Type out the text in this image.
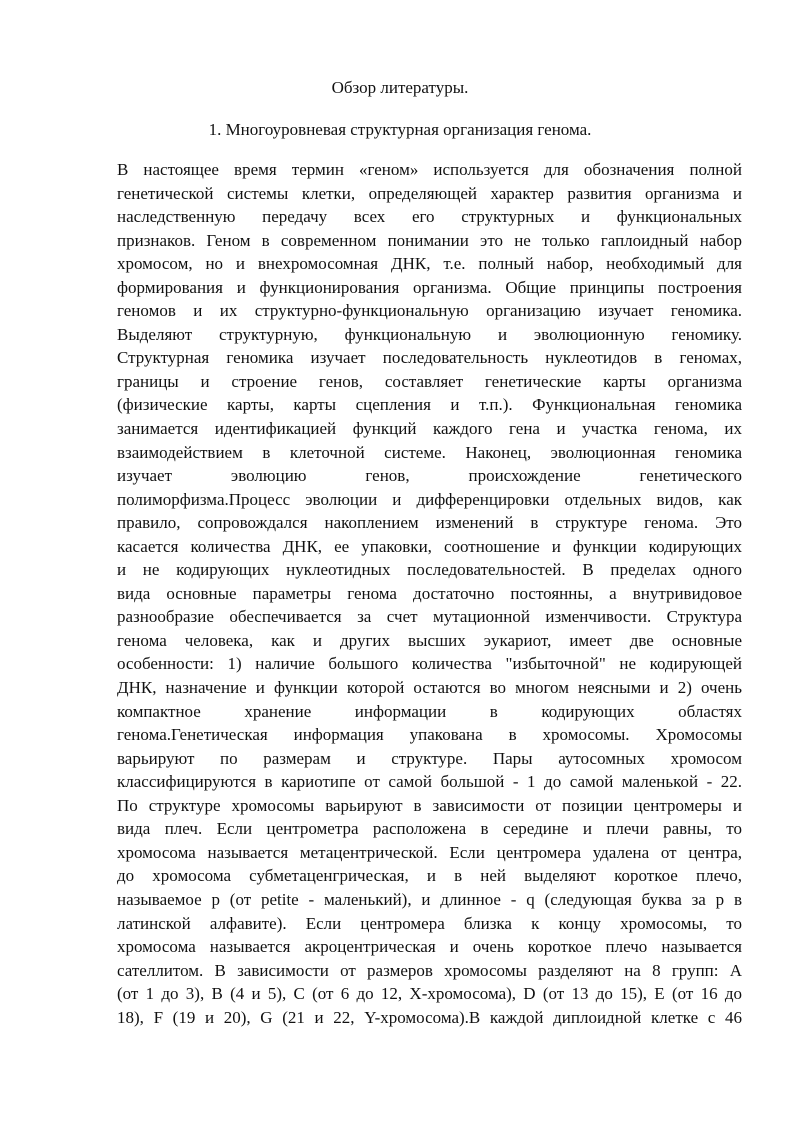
Обзор литературы.
1. Многоуровневая структурная организация генома.
В настоящее время термин «геном» используется для обозначения полной
генетической системы клетки, определяющей характер развития организма и
наследственную передачу всех его структурных и функциональных
признаков. Геном в современном понимании это не только гаплоидный набор
хромосом, но и внехромосомная ДНК, т.е. полный набор, необходимый для
формирования и функционирования организма. Общие принципы построения
геномов и их структурно-функциональную организацию изучает геномика.
Выделяют структурную, функциональную и эволюционную геномику.
Структурная геномика изучает последовательность нуклеотидов в геномах,
границы и строение генов, составляет генетические карты организма
(физические карты, карты сцепления и т.п.). Функциональная геномика
занимается идентификацией функций каждого гена и участка генома, их
взаимодействием в клеточной системе. Наконец, эволюционная геномика
изучает эволюцию генов, происхождение генетического
полиморфизма.Процесс эволюции и дифференцировки отдельных видов, как
правило, сопровождался накоплением изменений в структуре генома. Это
касается количества ДНК, ее упаковки, соотношение и функции кодирующих
и не кодирующих нуклеотидных последовательностей. В пределах одного
вида основные параметры генома достаточно постоянны, а внутривидовое
разнообразие обеспечивается за счет мутационной изменчивости. Структура
генома человека, как и других высших эукариот, имеет две основные
особенности: 1) наличие большого количества "избыточной" не кодирующей
ДНК, назначение и функции которой остаются во многом неясными и 2) очень
компактное хранение информации в кодирующих областях
генома.Генетическая информация упакована в хромосомы. Хромосомы
варьируют по размерам и структуре. Пары аутосомных хромосом
классифицируются в кариотипе от самой большой - 1 до самой маленькой - 22.
По структуре хромосомы варьируют в зависимости от позиции центромеры и
вида плеч. Если центрометра расположена в середине и плечи равны, то
хромосома называется метацентрической. Если центромера удалена от центра,
до хромосома субметаценгрическая, и в ней выделяют короткое плечо,
называемое р (от petite - маленький), и длинное - q (следующая буква за р в
латинской алфавите). Если центромера близка к концу хромосомы, то
хромосома называется акроцентрическая и очень короткое плечо называется
сателлитом. В зависимости от размеров хромосомы разделяют на 8 групп: А
(от 1 до 3), В (4 и 5), С (от 6 до 12, Х-хромосома), D (от 13 до 15), Е (от 16 до
18), F (19 и 20), G (21 и 22, Y-хромосома).В каждой диплоидной клетке с 46
